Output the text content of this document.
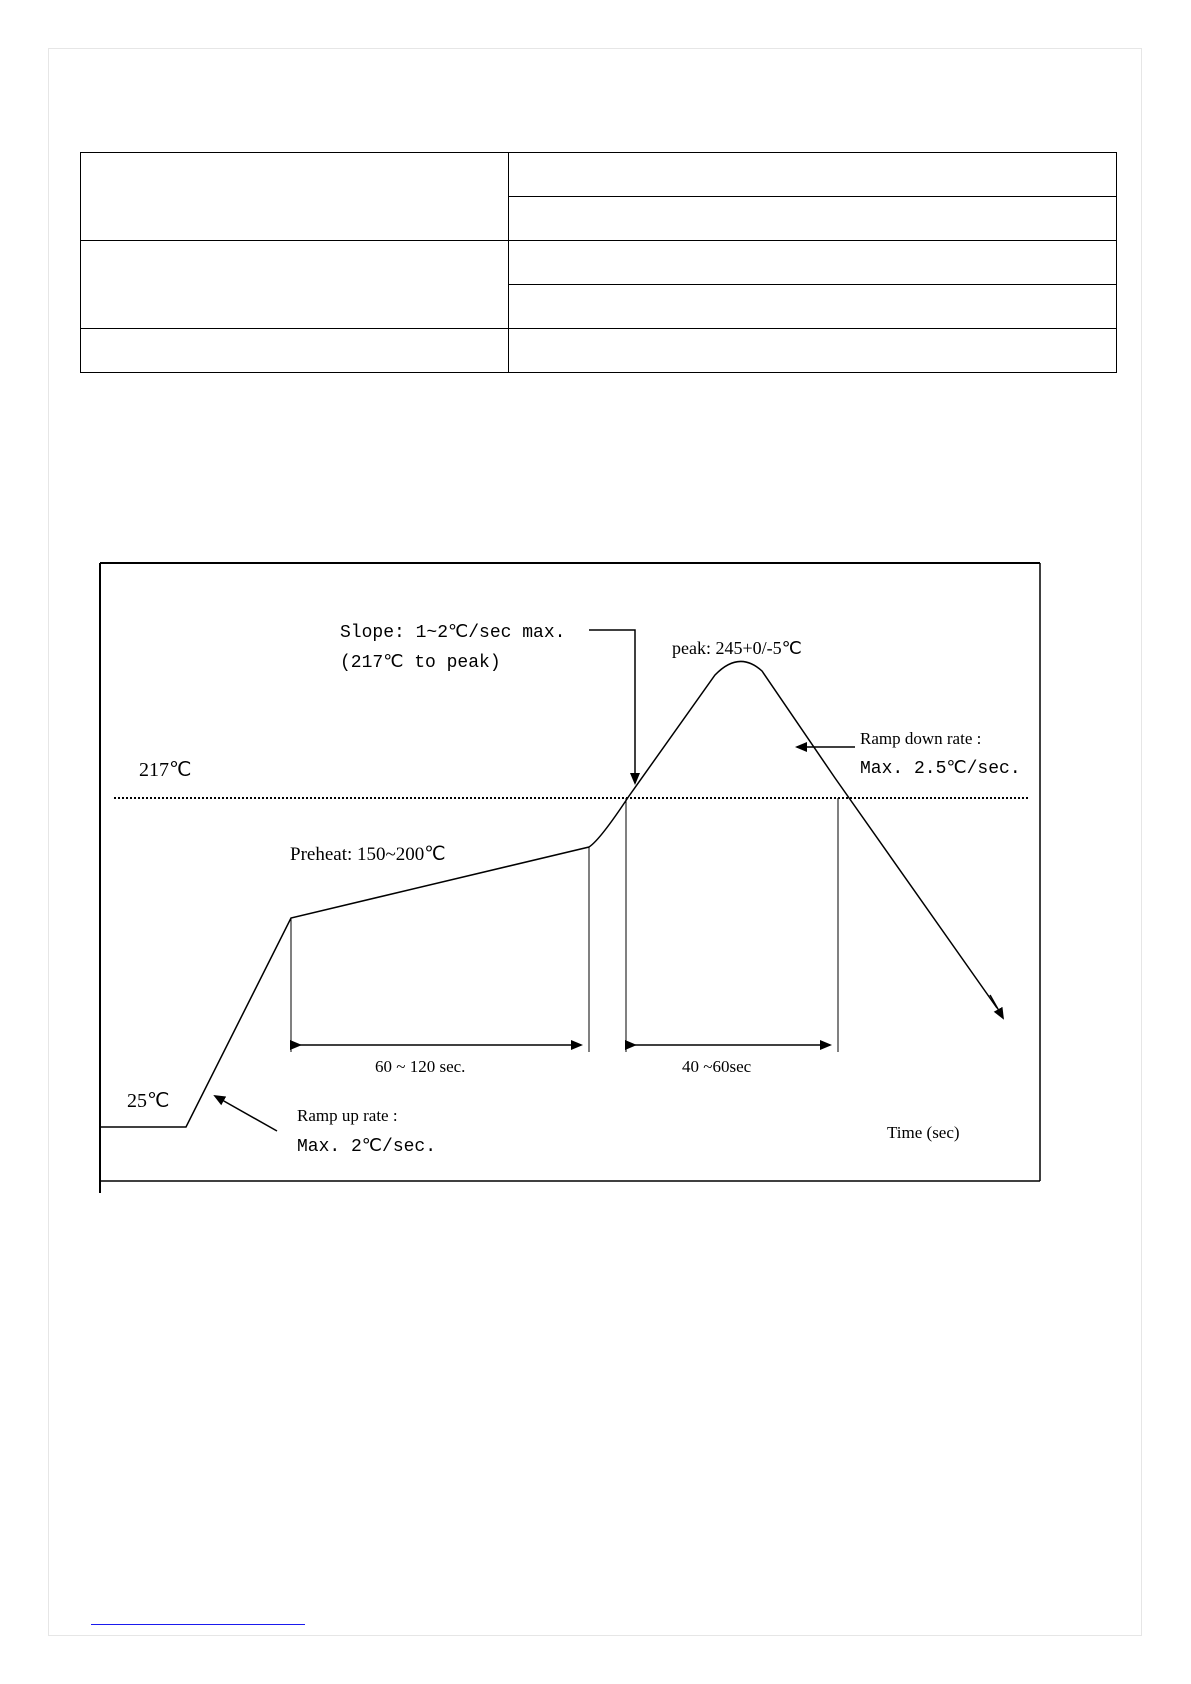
Slope: 1~2℃/sec max.
(217℃ to peak)
peak: 245+0/-5℃
Ramp down rate :
Max. 2.5℃/sec.
217℃
Preheat: 150~200℃
60 ~ 120 sec.	40 ~60sec
25℃
Ramp up rate :
Max. 2℃/sec.
Time (sec)
